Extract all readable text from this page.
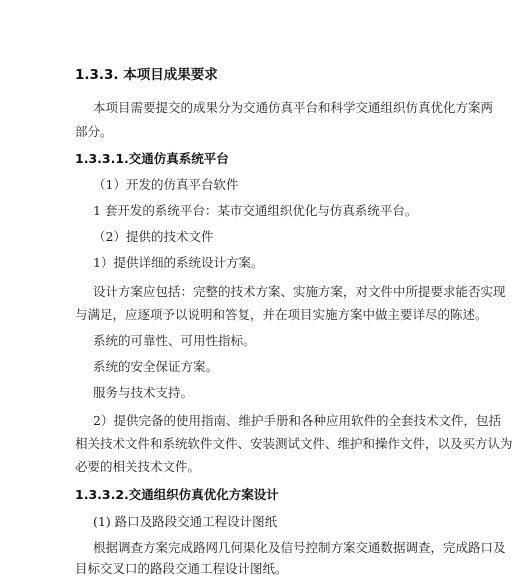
1.3.3. 本项目成果要求
本项目需要提交的成果分为交通仿真平台和科学交通组织仿真优化方案两
部分。
1.3.3.1.交通仿真系统平台
（1）开发的仿真平台软件
1 套开发的系统平台：某市交通组织优化与仿真系统平台。
（2）提供的技术文件
1）提供详细的系统设计方案。
设计方案应包括：完整的技术方案、实施方案，对文件中所提要求能否实现
与满足，应逐项予以说明和答复，并在项目实施方案中做主要详尽的陈述。
系统的可靠性、可用性指标。
系统的安全保证方案。
服务与技术支持。
2）提供完备的使用指南、维护手册和各种应用软件的全套技术文件，包括
相关技术文件和系统软件文件、安装测试文件、维护和操作文件，以及买方认为
必要的相关技术文件。
1.3.3.2.交通组织仿真优化方案设计
(1) 路口及路段交通工程设计图纸
根据调查方案完成路网几何渠化及信号控制方案交通数据调查，完成路口及
目标交叉口的路段交通工程设计图纸。
